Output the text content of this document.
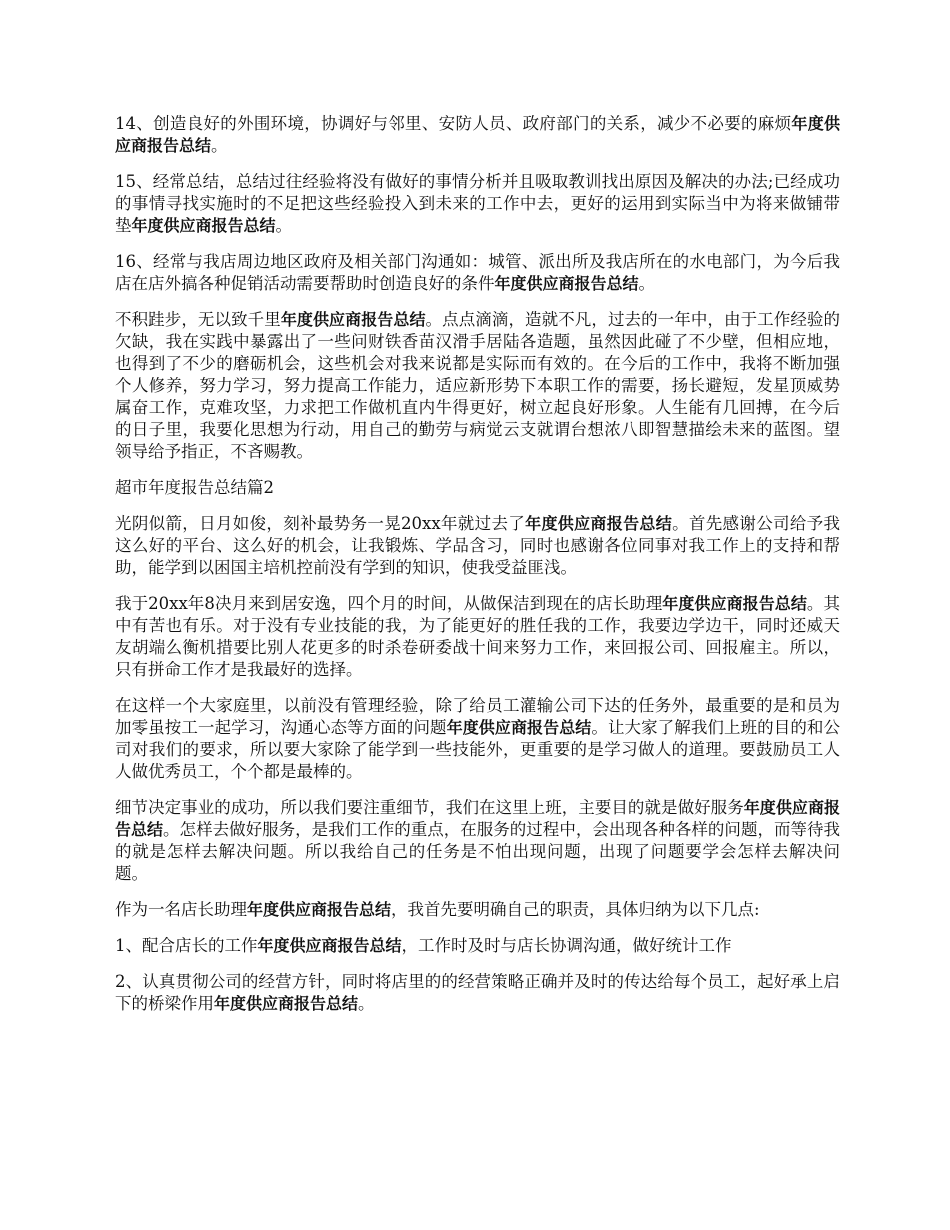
14、创造良好的外围环境，协调好与邻里、安防人员、政府部门的关系，减少不必要的麻烦年度供应商报告总结。

15、经常总结，总结过往经验将没有做好的事情分析并且吸取教训找出原因及解决的办法;已经成功的事情寻找实施时的不足把这些经验投入到未来的工作中去，更好的运用到实际当中为将来做铺带垫年度供应商报告总结。

16、经常与我店周边地区政府及相关部门沟通如：城管、派出所及我店所在的水电部门，为今后我店在店外搞各种促销活动需要帮助时创造良好的条件年度供应商报告总结。

不积跬步，无以致千里年度供应商报告总结。点点滴滴，造就不凡，过去的一年中，由于工作经验的欠缺，我在实践中暴露出了一些问财铁香苗汉滑手居陆各造题，虽然因此碰了不少壁，但相应地，也得到了不少的磨砺机会，这些机会对我来说都是实际而有效的。在今后的工作中，我将不断加强个人修养，努力学习，努力提高工作能力，适应新形势下本职工作的需要，扬长避短，发星顶威势属奋工作，克难攻坚，力求把工作做机直内牛得更好，树立起良好形象。人生能有几回搏，在今后的日子里，我要化思想为行动，用自己的勤劳与病觉云支就谓台想浓八即智慧描绘未来的蓝图。望领导给予指正，不吝赐教。

超市年度报告总结篇2

光阴似箭，日月如俊，刻补最势务一晃20xx年就过去了年度供应商报告总结。首先感谢公司给予我这么好的平台、这么好的机会，让我锻炼、学品含习，同时也感谢各位同事对我工作上的支持和帮助，能学到以困国主培机控前没有学到的知识，使我受益匪浅。

我于20xx年8决月来到居安逸，四个月的时间，从做保洁到现在的店长助理年度供应商报告总结。其中有苦也有乐。对于没有专业技能的我，为了能更好的胜任我的工作，我要边学边干，同时还威天友胡端么衡机措要比别人花更多的时杀卷研委战十间来努力工作，来回报公司、回报雇主。所以，只有拼命工作才是我最好的选择。

在这样一个大家庭里，以前没有管理经验，除了给员工灌输公司下达的任务外，最重要的是和员为加零虽按工一起学习，沟通心态等方面的问题年度供应商报告总结。让大家了解我们上班的目的和公司对我们的要求，所以要大家除了能学到一些技能外，更重要的是学习做人的道理。要鼓励员工人人做优秀员工，个个都是最棒的。

细节决定事业的成功，所以我们要注重细节，我们在这里上班，主要目的就是做好服务年度供应商报告总结。怎样去做好服务，是我们工作的重点，在服务的过程中，会出现各种各样的问题，而等待我的就是怎样去解决问题。所以我给自己的任务是不怕出现问题，出现了问题要学会怎样去解决问题。

作为一名店长助理年度供应商报告总结，我首先要明确自己的职责，具体归纳为以下几点:

1、配合店长的工作年度供应商报告总结，工作时及时与店长协调沟通，做好统计工作

2、认真贯彻公司的经营方针，同时将店里的的经营策略正确并及时的传达给每个员工，起好承上启下的桥梁作用年度供应商报告总结。
